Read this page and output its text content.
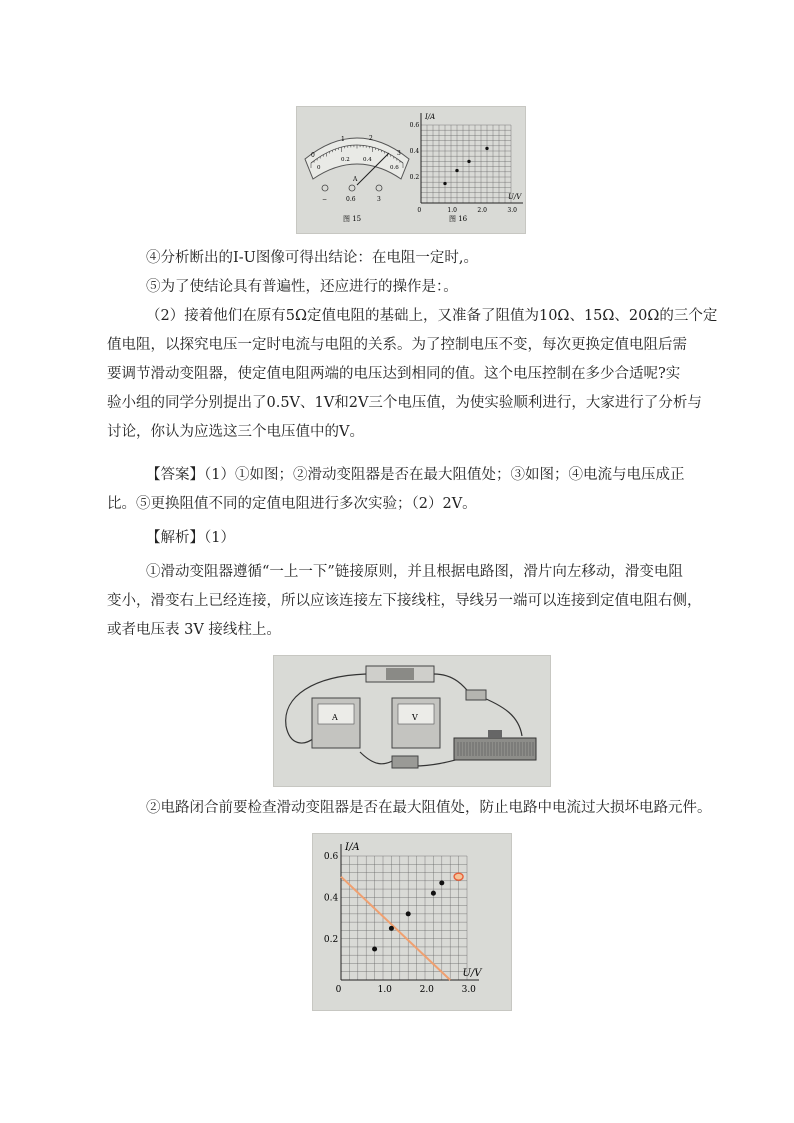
0
1	2
3
0
0.2 0.4
0.6
A
−	0.6	3
图 15
0	1.0	2.0	3.0
0.2
0.4
0.6
U/V
I/A
图 16
④分析断出的I-U图像可得出结论：在电阻一定时,。
⑤为了使结论具有普遍性，还应进行的操作是：。
（2）接着他们在原有5Ω定值电阻的基础上，又准备了阻值为10Ω、15Ω、20Ω的三个定
值电阻，以探究电压一定时电流与电阻的关系。为了控制电压不变，每次更换定值电阻后需
要调节滑动变阻器，使定值电阻两端的电压达到相同的值。这个电压控制在多少合适呢?实
验小组的同学分别提出了0.5V、1V和2V三个电压值，为使实验顺利进行，大家进行了分析与
讨论，你认为应选这三个电压值中的V。
【答案】（1）①如图；②滑动变阻器是否在最大阻值处；③如图；④电流与电压成正
比。⑤更换阻值不同的定值电阻进行多次实验；（2）2V。
【解析】（1）
①滑动变阻器遵循“一上一下”链接原则，并且根据电路图，滑片向左移动，滑变电阻
变小，滑变右上已经连接，所以应该连接左下接线柱，导线另一端可以连接到定值电阻右侧，
或者电压表 3V 接线柱上。
A	V
②电路闭合前要检查滑动变阻器是否在最大阻值处，防止电路中电流过大损坏电路元件。
0	1.0	2.0	3.0
0.2
0.4
0.6
U/V
I/A
